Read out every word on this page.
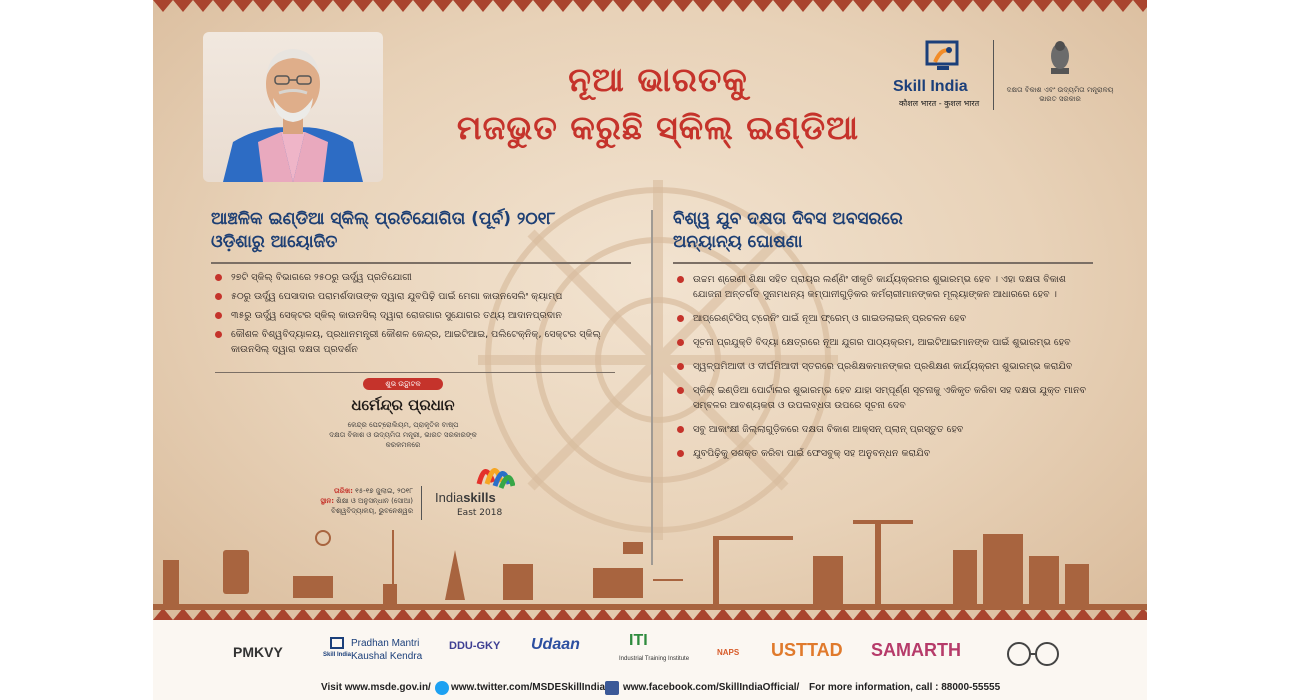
ନୂଆ ଭାରତକୁ
ମଜଭୁତ କରୁଛି ସ୍କିଲ୍ ଇଣ୍ଡିଆ
Skill India
कौशल भारत - कुशल भारत
ଦକ୍ଷତା ବିକାଶ ଏବଂ ଉଦ୍ୟମିତା ମନ୍ତ୍ରାଳୟ ଭାରତ ସରକାର
ଆଞ୍ଚଳିକ ଇଣ୍ଡିଆ ସ୍କିଲ୍ ପ୍ରତିଯୋଗିତା (ପୂର୍ବ) ୨୦୧୮
ଓଡ଼ିଶାରୁ ଆୟୋଜିତ
ବିଶ୍ୱ ଯୁବ ଦକ୍ଷତା ଦିବସ ଅବସରରେ
ଅନ୍ୟାନ୍ୟ ଘୋଷଣା
୨୭ଟି ସ୍କିଲ୍ ବିଭାଗରେ ୨୫୦ରୁ ଊର୍ଦ୍ଧ୍ୱ ପ୍ରତିଯୋଗୀ
୫୦ରୁ ଊର୍ଦ୍ଧ୍ୱ ପେସାଦାର ପରାମର୍ଶଦାତାଙ୍କ ଦ୍ୱାରା ଯୁବପିଢ଼ି ପାଇଁ ମେଗା କାଉନସେଲିଂ କ୍ୟାମ୍ପ
୩୫ରୁ ଊର୍ଦ୍ଧ୍ୱ ସେକ୍ଟର ସ୍କିଲ୍ କାଉନସିଲ୍ ଦ୍ୱାରା ରୋଜଗାର ସୁଯୋଗର ତଥ୍ୟ ଆଦାନପ୍ରଦାନ
କୌଶଳ ବିଶ୍ୱବିଦ୍ୟାଳୟ, ପ୍ରଧାନମନ୍ତ୍ରୀ କୌଶଳ କେନ୍ଦ୍ର, ଆଇଟିଆଇ, ପଲିଟେକ୍‌ନିକ୍, ସେକ୍ଟର ସ୍କିଲ୍ କାଉନସିଲ୍ ଦ୍ୱାରା ଦକ୍ଷତା ପ୍ରଦର୍ଶନ
ଶୁଭ ଉଦ୍ଘାଟକ
ଧର୍ମେନ୍ଦ୍ର ପ୍ରଧାନ
କେନ୍ଦ୍ର ପେଟ୍ରୋଲିୟମ, ପ୍ରାକୃତିକ ବାଷ୍ପ
ଦକ୍ଷତା ବିକାଶ ଓ ଉଦ୍ୟମିତା ମନ୍ତ୍ରୀ, ଭାରତ ସରକାରଙ୍କ
କରକମଳରେ
ତାରିଖ: ୧୫-୧୭ ଜୁଲାଇ, ୨୦୧୮
ସ୍ଥାନ: ଶିକ୍ଷା ଓ ଅନୁସନ୍ଧାନ (ସୋଆ)
ବିଶ୍ୱବିଦ୍ୟାଳୟ, ଭୁବନେଶ୍ୱର
Indiaskills
East 2018
ଉଚ୍ଚମ ଶ୍ରେଣୀ ଶିକ୍ଷା ସହିତ ପ୍ରାୟର ଲର୍ଣ୍ଣିଂ ସୀକୃତି କାର୍ଯ୍ୟକ୍ରମର ଶୁଭାରମ୍ଭ ହେବ । ଏହା ଦକ୍ଷତା ବିକାଶ ଯୋଜନା ଅନ୍ତର୍ଗତ ସୁନାମଧନ୍ୟ କମ୍ପାନୀଗୁଡ଼ିକର କର୍ମଚାରୀମାନଙ୍କର ମୂଲ୍ୟାଙ୍କନ ଆଧାରରେ ହେବ ।
ଆପ୍ରେଣ୍ଟିସିପ୍ ଟ୍ରେନିଂ ପାଇଁ ନୂଆ ଫ୍ରେମ୍ ଓ ଗାଇଡଲାଇନ୍ ପ୍ରଚଳନ ହେବ
ସୂଚନା ପ୍ରଯୁକ୍ତି ବିଦ୍ୟା କ୍ଷେତ୍ରରେ ନୂଆ ଯୁଗର ପାଠ୍ୟକ୍ରମ, ଆଇଟିଆଇମାନଙ୍କ ପାଇଁ ଶୁଭାରମ୍ଭ ହେବ
ସ୍ୱଳ୍ପମିଆଦୀ ଓ ଦୀର୍ଘମିଆଦୀ ସ୍ତରରେ ପ୍ରଶିକ୍ଷକମାନଙ୍କର ପ୍ରଶିକ୍ଷଣ କାର୍ଯ୍ୟକ୍ରମ ଶୁଭାରମ୍ଭ କରାଯିବ
ସ୍କିଲ୍ ଇଣ୍ଡିଆ ପୋର୍ଟାଲର ଶୁଭାରମ୍ଭ ହେବ ଯାହା ସମ୍ପୂର୍ଣ୍ଣ ସୂଚନାକୁ ଏକିକୃତ କରିବା ସହ ଦକ୍ଷତା ଯୁକ୍ତ ମାନବ ସମ୍ବଳର ଆବଶ୍ୟକତା ଓ ଉପଲବ୍ଧତା ଉପରେ ସୂଚନା ଦେବ
ସବୁ ଆକାଂକ୍ଷୀ ଜିଲ୍ଲାଗୁଡ଼ିକରେ ଦକ୍ଷତା ବିକାଶ ଆକ୍ସନ୍ ପ୍ଲାନ୍ ପ୍ରସ୍ତୁତ ହେବ
ଯୁବପିଢ଼ିକୁ ସଶକ୍ତ କରିବା ପାଇଁ ଫେସବୁକ୍ ସହ ଅନୁବନ୍ଧନ କରାଯିବ
PMKVY	Skill India
Pradhan Mantri
Kaushal Kendra
DDU-GKY Udaan	ITI
Industrial Training Institute
NAPS USTTAD SAMARTH
Visit www.msde.gov.in/ www.twitter.com/MSDESkillIndia www.facebook.com/SkillIndiaOfficial/ For more information, call : 88000-55555
